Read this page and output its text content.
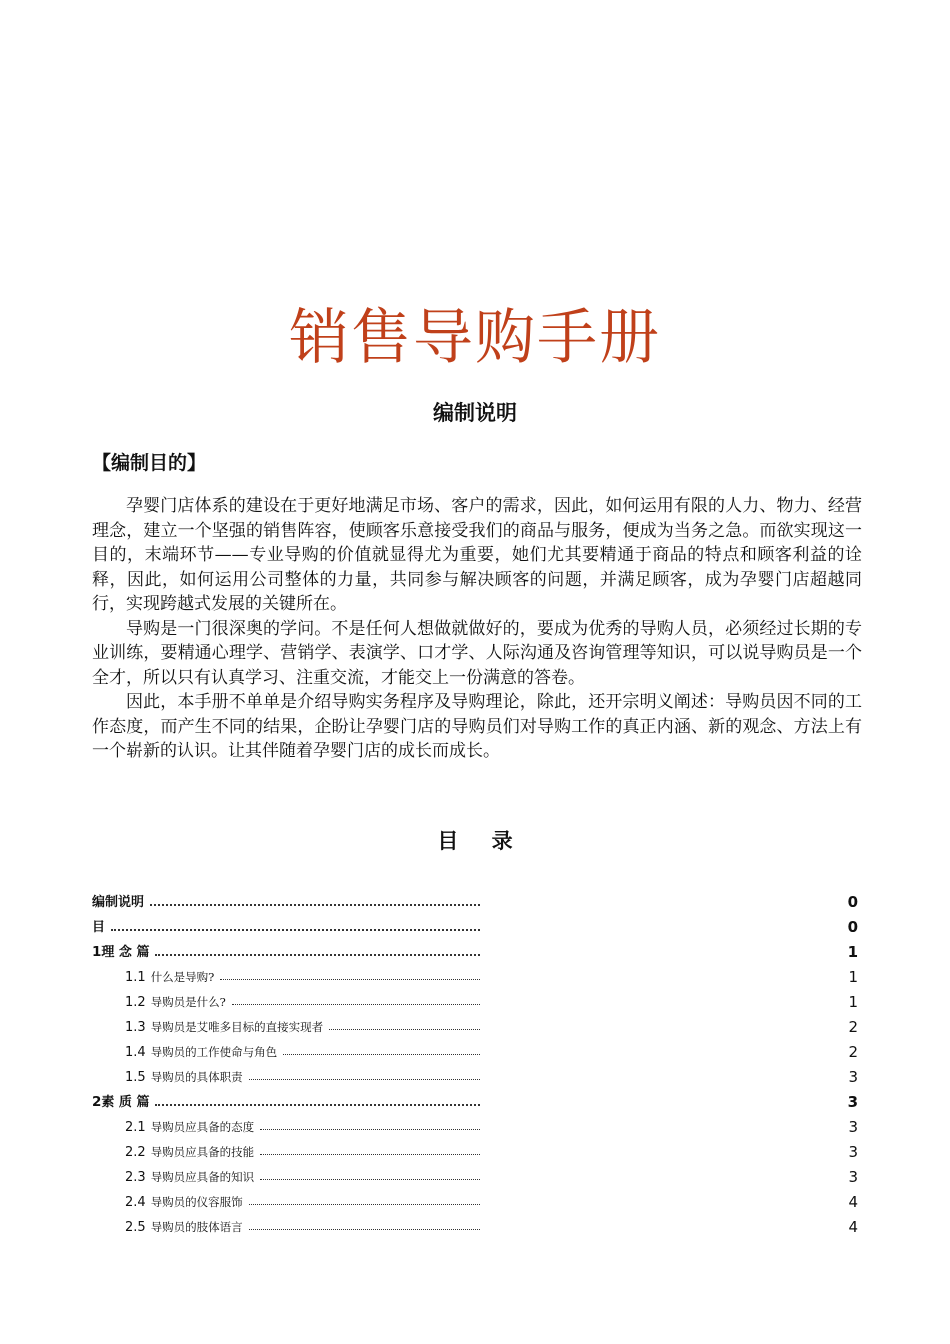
销售导购手册
编制说明
【编制目的】

孕婴门店体系的建设在于更好地满足市场、客户的需求，因此，如何运用有限的人力、物力、经营理念，建立一个坚强的销售阵容，使顾客乐意接受我们的商品与服务，便成为当务之急。而欲实现这一目的，末端环节——专业导购的价值就显得尤为重要，她们尤其要精通于商品的特点和顾客利益的诠释，因此，如何运用公司整体的力量，共同参与解决顾客的问题，并满足顾客，成为孕婴门店超越同行，实现跨越式发展的关键所在。

导购是一门很深奥的学问。不是任何人想做就做好的，要成为优秀的导购人员，必须经过长期的专业训练，要精通心理学、营销学、表演学、口才学、人际沟通及咨询管理等知识，可以说导购员是一个全才，所以只有认真学习、注重交流，才能交上一份满意的答卷。

因此，本手册不单单是介绍导购实务程序及导购理论，除此，还开宗明义阐述：导购员因不同的工作态度，而产生不同的结果，企盼让孕婴门店的导购员们对导购工作的真正内涵、新的观念、方法上有一个崭新的认识。让其伴随着孕婴门店的成长而成长。

目 录
编制说明	0
目	0
1理 念 篇	1
1.1 什么是导购?	1
1.2 导购员是什么?	1
1.3 导购员是艾唯多目标的直接实现者	2
1.4 导购员的工作使命与角色	2
1.5 导购员的具体职责	3
2素 质 篇	3
2.1 导购员应具备的态度	3
2.2 导购员应具备的技能	3
2.3 导购员应具备的知识	3
2.4 导购员的仪容服饰	4
2.5 导购员的肢体语言	4
